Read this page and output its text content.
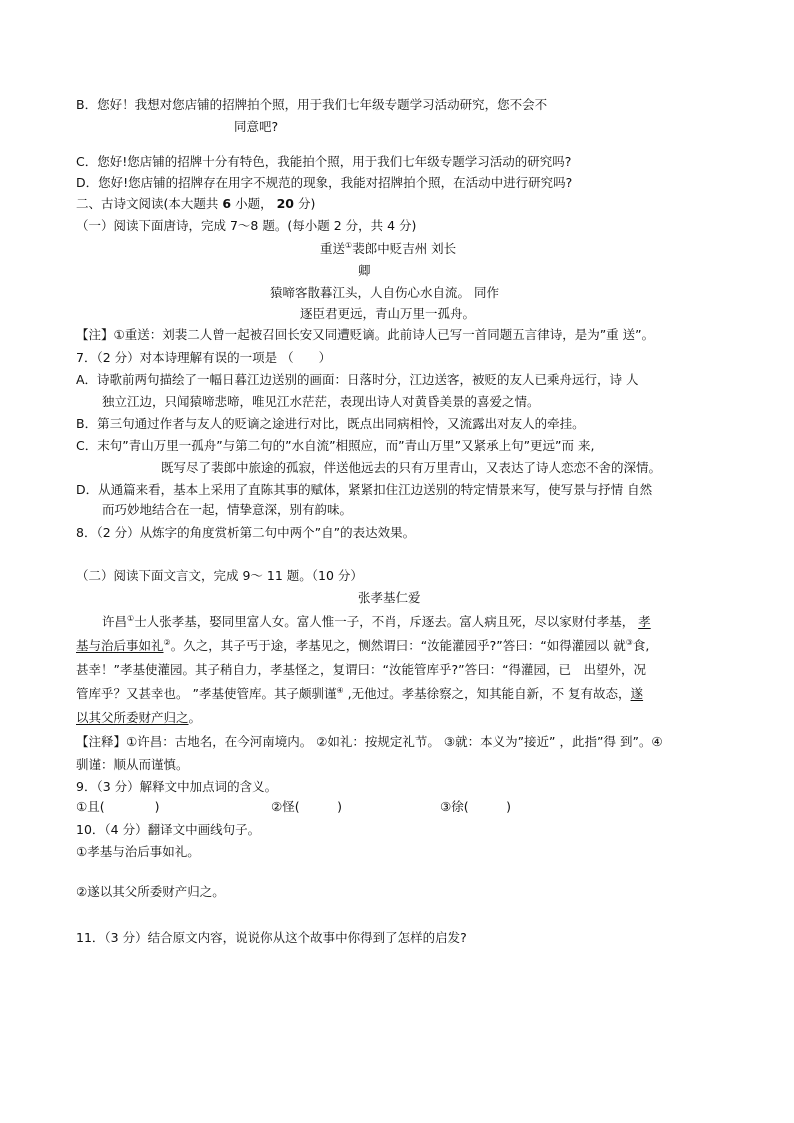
B．您好！我想对您店铺的招牌拍个照，用于我们七年级专题学习活动研究，您不会不
同意吧?
C．您好!您店铺的招牌十分有特色，我能拍个照，用于我们七年级专题学习活动的研究吗?
D．您好!您店铺的招牌存在用字不规范的现象，我能对招牌拍个照，在活动中进行研究吗?
二、古诗文阅读(本大题共 6 小题， 20 分)
（一）阅读下面唐诗，完成 7～8 题。(每小题 2 分，共 4 分)
重送①裴郎中贬吉州 刘长
卿
猿啼客散暮江头，人自伤心水自流。 同作
逐臣君更远，青山万里一孤舟。
【注】①重送：刘裴二人曾一起被召回长安又同遭贬谪。此前诗人已写一首同题五言律诗，是为”重 送”。
7．（2 分）对本诗理解有误的一项是 （　　）
A．诗歌前两句描绘了一幅日暮江边送别的画面：日落时分，江边送客，被贬的友人已乘舟远行，诗 人
独立江边，只闻猿啼悲啼，唯见江水茫茫，表现出诗人对黄昏美景的喜爱之情。
B．第三句通过作者与友人的贬谪之途进行对比，既点出同病相怜，又流露出对友人的牵挂。
C．末句”青山万里一孤舟”与第二句的”水自流”相照应，而”青山万里”又紧承上句”更远”而 来,
既写尽了裴郎中旅途的孤寂，伴送他远去的只有万里青山，又表达了诗人恋恋不舍的深情。
D．从通篇来看，基本上采用了直陈其事的赋体，紧紧扣住江边送别的特定情景来写，使写景与抒情 自然
而巧妙地结合在一起，情挚意深，别有韵味。
8．（2 分）从炼字的角度赏析第二句中两个”自”的表达效果。
（二）阅读下面文言文，完成 9～ 11 题。（10 分）
张孝基仁爱
许昌①士人张孝基，娶同里富人女。富人惟一子，不肖，斥逐去。富人病且死，尽以家财付孝基， 孝
基与治后事如礼②。久之，其子丐于途，孝基见之，恻然谓曰：“汝能灌园乎?”答曰：“如得灌园以 就③食,
甚幸！”孝基使灌园。其子稍自力，孝基怪之，复谓曰：“汝能管库乎?”答曰：“得灌园，已　出望外，况
管库乎？又甚幸也。 ”孝基使管库。其子颇驯谨④ ,无他过。孝基徐察之，知其能自新，不 复有故态，遂
以其父所委财产归之。
【注释】①许昌：古地名，在今河南境内。 ②如礼：按规定礼节。 ③就：本义为”接近” ，此指”得 到”。④
驯谨：顺从而谨慎。
9．（3 分）解释文中加点词的含义。
①且(　　　　)	②怪(　　　)	③徐(　　　)
10．（4 分）翻译文中画线句子。
①孝基与治后事如礼。
②遂以其父所委财产归之。
11．（3 分）结合原文内容，说说你从这个故事中你得到了怎样的启发?
